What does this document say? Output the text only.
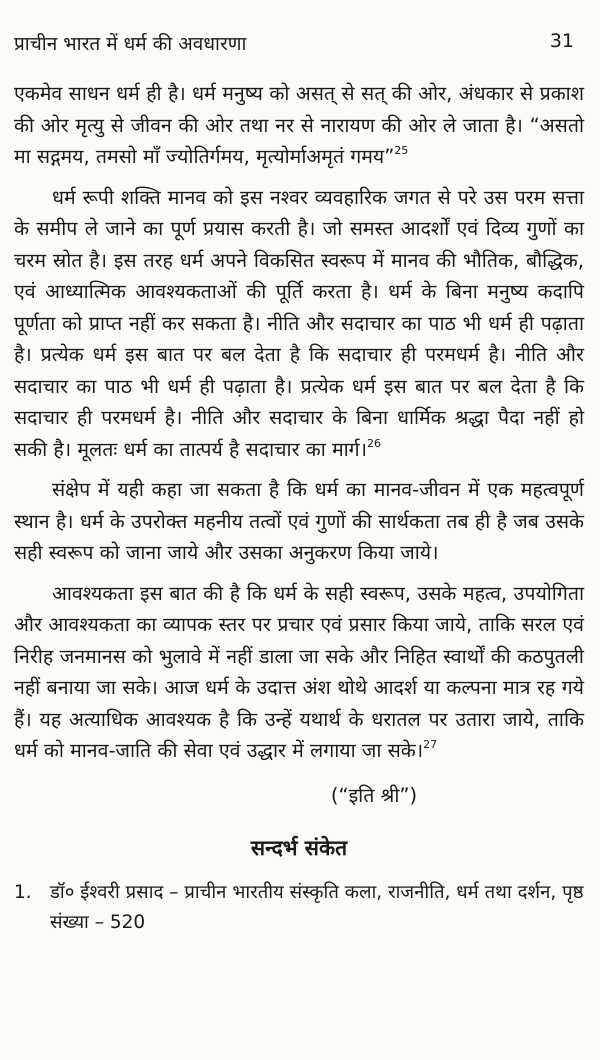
प्राचीन भारत में धर्म की अवधारणा	31

एकमेव साधन धर्म ही है। धर्म मनुष्य को असत् से सत् की ओर, अंधकार से प्रकाश की ओर मृत्यु से जीवन की ओर तथा नर से नारायण की ओर ले जाता है। “असतो मा सद्गमय, तमसो माँ ज्योतिर्गमय, मृत्योर्माअमृतं गमय”$^{25}$

धर्म रूपी शक्ति मानव को इस नश्वर व्यवहारिक जगत से परे उस परम सत्ता के समीप ले जाने का पूर्ण प्रयास करती है। जो समस्त आदर्शों एवं दिव्य गुणों का चरम स्रोत है। इस तरह धर्म अपने विकसित स्वरूप में मानव की भौतिक, बौद्धिक, एवं आध्यात्मिक आवश्यकताओं की पूर्ति करता है। धर्म के बिना मनुष्य कदापि पूर्णता को प्राप्त नहीं कर सकता है। नीति और सदाचार का पाठ भी धर्म ही पढ़ाता है। प्रत्येक धर्म इस बात पर बल देता है कि सदाचार ही परमधर्म है। नीति और सदाचार का पाठ भी धर्म ही पढ़ाता है। प्रत्येक धर्म इस बात पर बल देता है कि सदाचार ही परमधर्म है। नीति और सदाचार के बिना धार्मिक श्रद्धा पैदा नहीं हो सकी है। मूलतः धर्म का तात्पर्य है सदाचार का मार्ग।$^{26}$

संक्षेप में यही कहा जा सकता है कि धर्म का मानव-जीवन में एक महत्वपूर्ण स्थान है। धर्म के उपरोक्त महनीय तत्वों एवं गुणों की सार्थकता तब ही है जब उसके सही स्वरूप को जाना जाये और उसका अनुकरण किया जाये।

आवश्यकता इस बात की है कि धर्म के सही स्वरूप, उसके महत्व, उपयोगिता और आवश्यकता का व्यापक स्तर पर प्रचार एवं प्रसार किया जाये, ताकि सरल एवं निरीह जनमानस को भुलावे में नहीं डाला जा सके और निहित स्वार्थों की कठपुतली नहीं बनाया जा सके। आज धर्म के उदात्त अंश थोथे आदर्श या कल्पना मात्र रह गये हैं। यह अत्याधिक आवश्यक है कि उन्हें यथार्थ के धरातल पर उतारा जाये, ताकि धर्म को मानव-जाति की सेवा एवं उद्धार में लगाया जा सके।$^{27}$

(“इति श्री”)
सन्दर्भ संकेत
1. डॉ० ईश्वरी प्रसाद – प्राचीन भारतीय संस्कृति कला, राजनीति, धर्म तथा दर्शन, पृष्ठ संख्या – 520
